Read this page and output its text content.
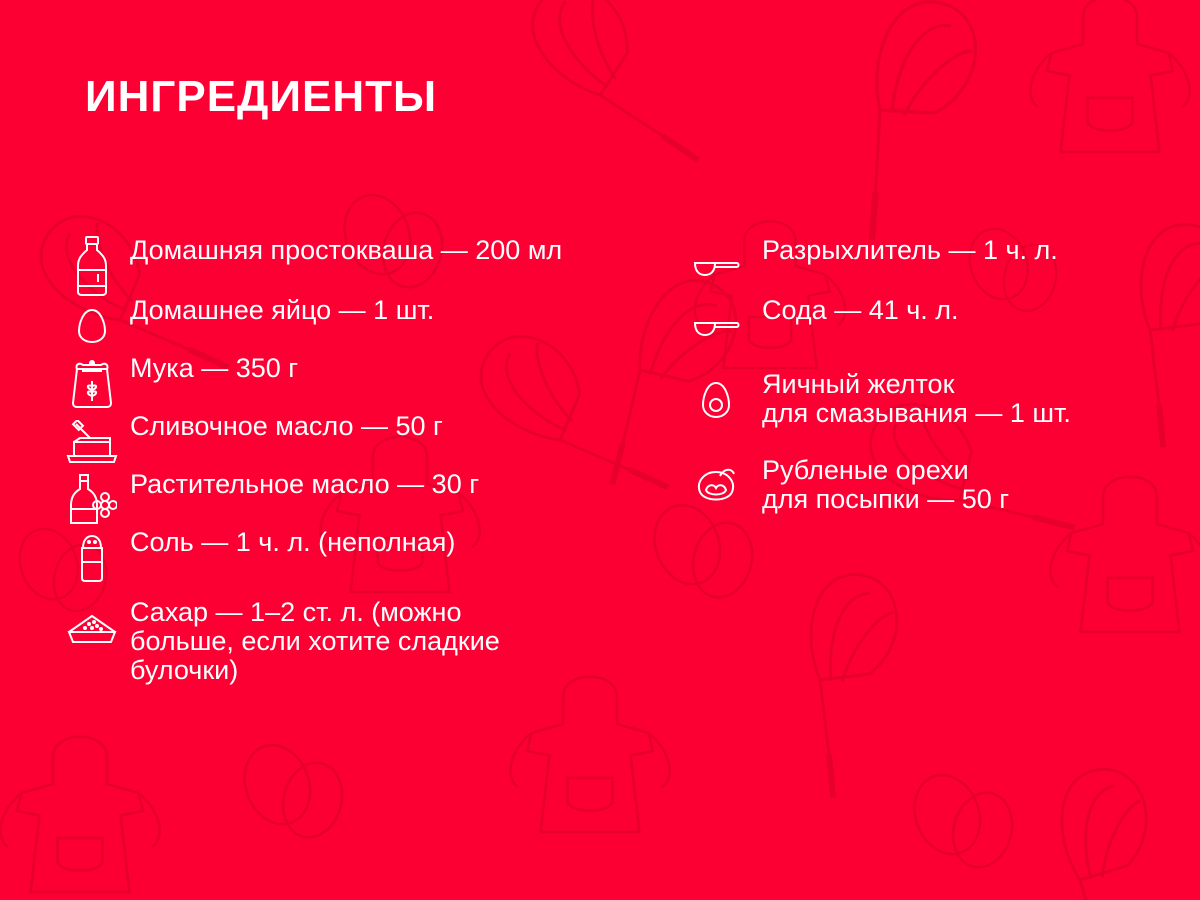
ИНГРЕДИЕНТЫ
Домашняя простокваша — 200 мл
Домашнее яйцо — 1 шт.
Мука — 350 г
Сливочное масло — 50 г
Растительное масло — 30 г
Соль — 1 ч. л. (неполная)
Сахар — 1–2 ст. л. (можно
больше, если хотите сладкие
булочки)
Разрыхлитель — 1 ч. л.
Сода — 41 ч. л.
Яичный желток
для смазывания — 1 шт.
Рубленые орехи
для посыпки — 50 г
